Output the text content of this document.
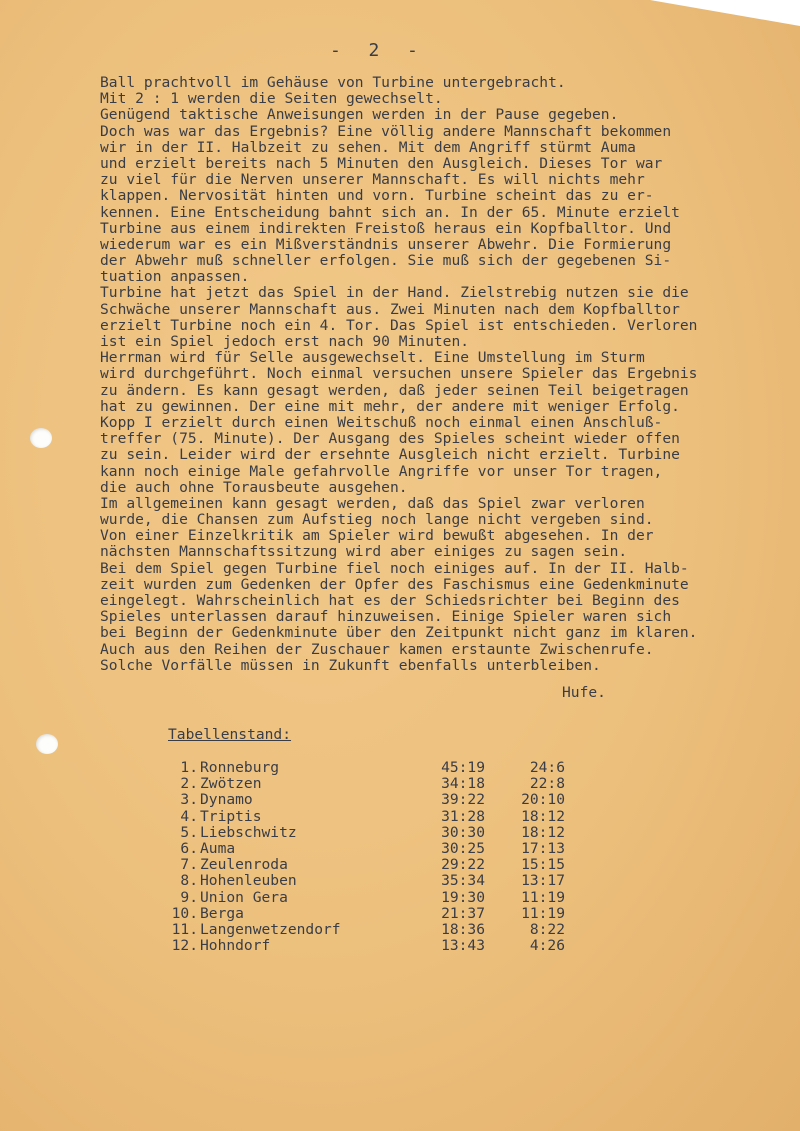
-  2  -
Ball prachtvoll im Gehäuse von Turbine untergebracht.
Mit 2 : 1 werden die Seiten gewechselt.
Genügend taktische Anweisungen werden in der Pause gegeben.
Doch was war das Ergebnis? Eine völlig andere Mannschaft bekommen
wir in der II. Halbzeit zu sehen. Mit dem Angriff stürmt Auma
und erzielt bereits nach 5 Minuten den Ausgleich. Dieses Tor war
zu viel für die Nerven unserer Mannschaft. Es will nichts mehr
klappen. Nervosität hinten und vorn. Turbine scheint das zu er-
kennen. Eine Entscheidung bahnt sich an. In der 65. Minute erzielt
Turbine aus einem indirekten Freistoß heraus ein Kopfballtor. Und
wiederum war es ein Mißverständnis unserer Abwehr. Die Formierung
der Abwehr muß schneller erfolgen. Sie muß sich der gegebenen Si-
tuation anpassen.
Turbine hat jetzt das Spiel in der Hand. Zielstrebig nutzen sie die
Schwäche unserer Mannschaft aus. Zwei Minuten nach dem Kopfballtor
erzielt Turbine noch ein 4. Tor. Das Spiel ist entschieden. Verloren
ist ein Spiel jedoch erst nach 90 Minuten.
Herrman wird für Selle ausgewechselt. Eine Umstellung im Sturm
wird durchgeführt. Noch einmal versuchen unsere Spieler das Ergebnis
zu ändern. Es kann gesagt werden, daß jeder seinen Teil beigetragen
hat zu gewinnen. Der eine mit mehr, der andere mit weniger Erfolg.
Kopp I erzielt durch einen Weitschuß noch einmal einen Anschluß-
treffer (75. Minute). Der Ausgang des Spieles scheint wieder offen
zu sein. Leider wird der ersehnte Ausgleich nicht erzielt. Turbine
kann noch einige Male gefahrvolle Angriffe vor unser Tor tragen,
die auch ohne Torausbeute ausgehen.
Im allgemeinen kann gesagt werden, daß das Spiel zwar verloren
wurde, die Chansen zum Aufstieg noch lange nicht vergeben sind.
Von einer Einzelkritik am Spieler wird bewußt abgesehen. In der
nächsten Mannschaftssitzung wird aber einiges zu sagen sein.
Bei dem Spiel gegen Turbine fiel noch einiges auf. In der II. Halb-
zeit wurden zum Gedenken der Opfer des Faschismus eine Gedenkminute
eingelegt. Wahrscheinlich hat es der Schiedsrichter bei Beginn des
Spieles unterlassen darauf hinzuweisen. Einige Spieler waren sich
bei Beginn der Gedenkminute über den Zeitpunkt nicht ganz im klaren.
Auch aus den Reihen der Zuschauer kamen erstaunte Zwischenrufe.
Solche Vorfälle müssen in Zukunft ebenfalls unterbleiben.
Hufe.
Tabellenstand:
1. Ronneburg	45:19	24:6
2. Zwötzen	34:18	22:8
3. Dynamo	39:22	20:10
4. Triptis	31:28	18:12
5. Liebschwitz	30:30	18:12
6. Auma	30:25	17:13
7. Zeulenroda	29:22	15:15
8. Hohenleuben	35:34	13:17
9. Union Gera	19:30	11:19
10. Berga	21:37	11:19
11. Langenwetzendorf	18:36	8:22
12. Hohndorf	13:43	4:26
